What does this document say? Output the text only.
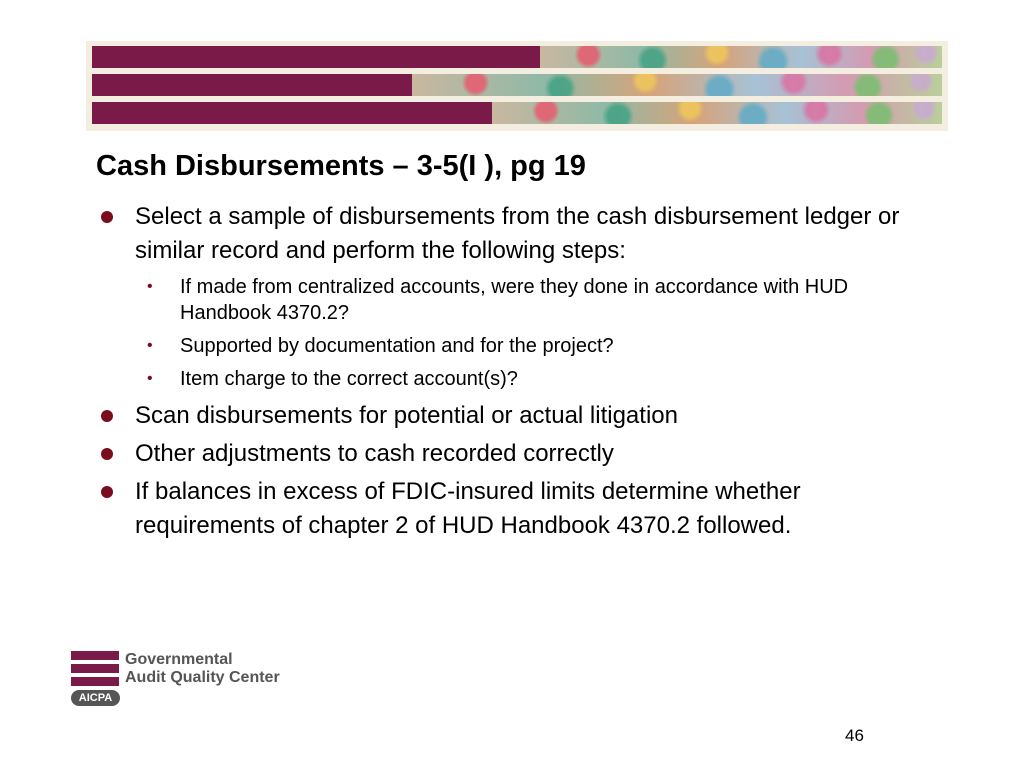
Cash Disbursements – 3-5(I ), pg 19
Select a sample of disbursements from the cash disbursement ledger or similar record and perform the following steps:
• If made from centralized accounts, were they done in accordance with HUD Handbook 4370.2?
• Supported by documentation and for the project?
• Item charge to the correct account(s)?
Scan disbursements for potential or actual litigation
Other adjustments to cash recorded correctly
If balances in excess of FDIC-insured limits determine whether requirements of chapter 2 of HUD Handbook 4370.2 followed.
Governmental
Audit Quality Center
AICPA
46
